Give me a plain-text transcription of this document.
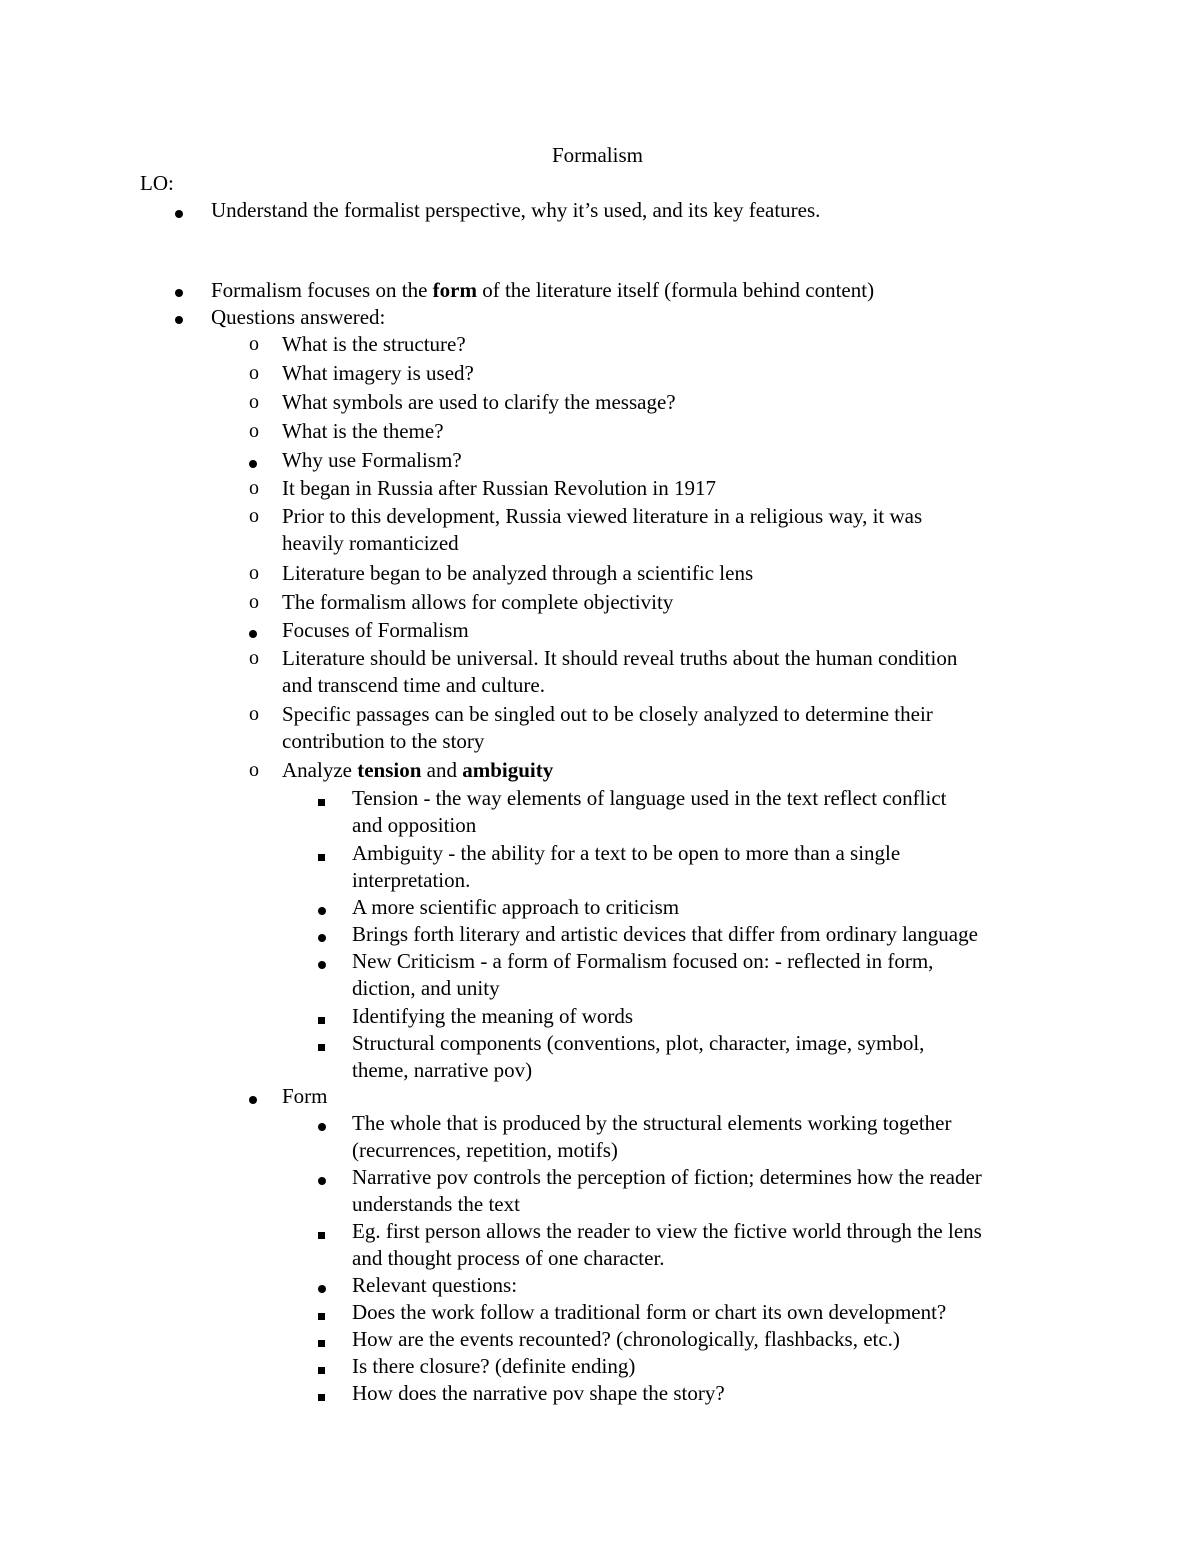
Formalism
LO:
Understand the formalist perspective, why it’s used, and its key features.
Formalism focuses on the form of the literature itself (formula behind content)
Questions answered:
o What is the structure?
o What imagery is used?
o What symbols are used to clarify the message?
o What is the theme?
Why use Formalism?
o It began in Russia after Russian Revolution in 1917
o Prior to this development, Russia viewed literature in a religious way, it was
heavily romanticized
o Literature began to be analyzed through a scientific lens
o The formalism allows for complete objectivity
Focuses of Formalism
o Literature should be universal. It should reveal truths about the human condition
and transcend time and culture.
o Specific passages can be singled out to be closely analyzed to determine their
contribution to the story
o Analyze tension and ambiguity
Tension - the way elements of language used in the text reflect conflict
and opposition
Ambiguity - the ability for a text to be open to more than a single
interpretation.
A more scientific approach to criticism
Brings forth literary and artistic devices that differ from ordinary language
New Criticism - a form of Formalism focused on: - reflected in form,
diction, and unity
Identifying the meaning of words
Structural components (conventions, plot, character, image, symbol,
theme, narrative pov)
Form
The whole that is produced by the structural elements working together
(recurrences, repetition, motifs)
Narrative pov controls the perception of fiction; determines how the reader
understands the text
Eg. first person allows the reader to view the fictive world through the lens
and thought process of one character.
Relevant questions:
Does the work follow a traditional form or chart its own development?
How are the events recounted? (chronologically, flashbacks, etc.)
Is there closure? (definite ending)
How does the narrative pov shape the story?
